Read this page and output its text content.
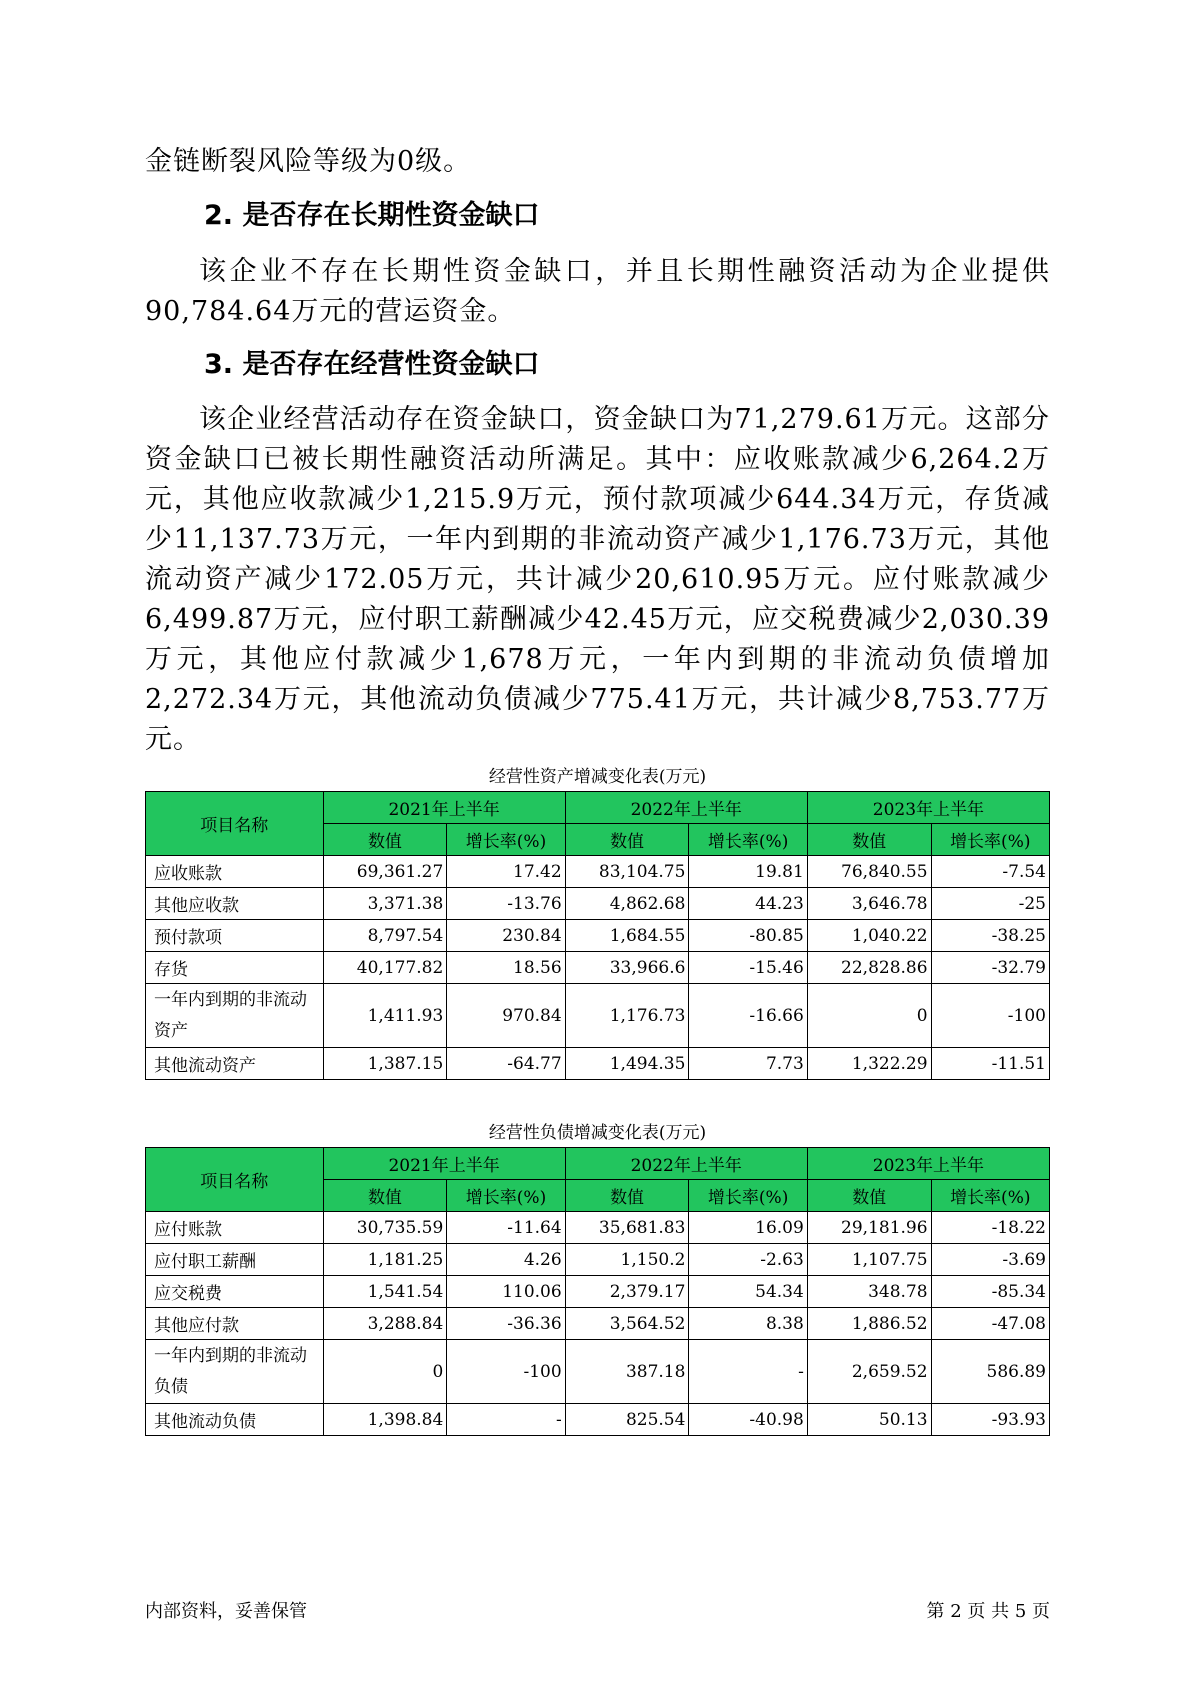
金链断裂风险等级为0级。

2. 是否存在长期性资金缺口

该企业不存在长期性资金缺口，并且长期性融资活动为企业提供90,784.64万元的营运资金。

3. 是否存在经营性资金缺口

该企业经营活动存在资金缺口，资金缺口为71,279.61万元。这部分资金缺口已被长期性融资活动所满足。其中：应收账款减少6,264.2万元，其他应收款减少1,215.9万元，预付款项减少644.34万元，存货减少11,137.73万元，一年内到期的非流动资产减少1,176.73万元，其他流动资产减少172.05万元，共计减少20,610.95万元。应付账款减少6,499.87万元，应付职工薪酬减少42.45万元，应交税费减少2,030.39万元，其他应付款减少1,678万元，一年内到期的非流动负债增加2,272.34万元，其他流动负债减少775.41万元，共计减少8,753.77万元。

经营性资产增减变化表(万元)
项目名称	2021年上半年		2022年上半年		2023年上半年	
	数值	增长率(%)	数值	增长率(%)	数值	增长率(%)
应收账款	69,361.27	17.42	83,104.75	19.81	76,840.55	-7.54
其他应收款	3,371.38	-13.76	4,862.68	44.23	3,646.78	-25
预付款项	8,797.54	230.84	1,684.55	-80.85	1,040.22	-38.25
存货	40,177.82	18.56	33,966.6	-15.46	22,828.86	-32.79
一年内到期的非流动资产	1,411.93	970.84	1,176.73	-16.66	0	-100
其他流动资产	1,387.15	-64.77	1,494.35	7.73	1,322.29	-11.51
经营性负债增减变化表(万元)
项目名称	2021年上半年		2022年上半年		2023年上半年	
	数值	增长率(%)	数值	增长率(%)	数值	增长率(%)
应付账款	30,735.59	-11.64	35,681.83	16.09	29,181.96	-18.22
应付职工薪酬	1,181.25	4.26	1,150.2	-2.63	1,107.75	-3.69
应交税费	1,541.54	110.06	2,379.17	54.34	348.78	-85.34
其他应付款	3,288.84	-36.36	3,564.52	8.38	1,886.52	-47.08
一年内到期的非流动负债	0	-100	387.18	-	2,659.52	586.89
其他流动负债	1,398.84	-	825.54	-40.98	50.13	-93.93
内部资料，妥善保管	第 2 页 共 5 页
